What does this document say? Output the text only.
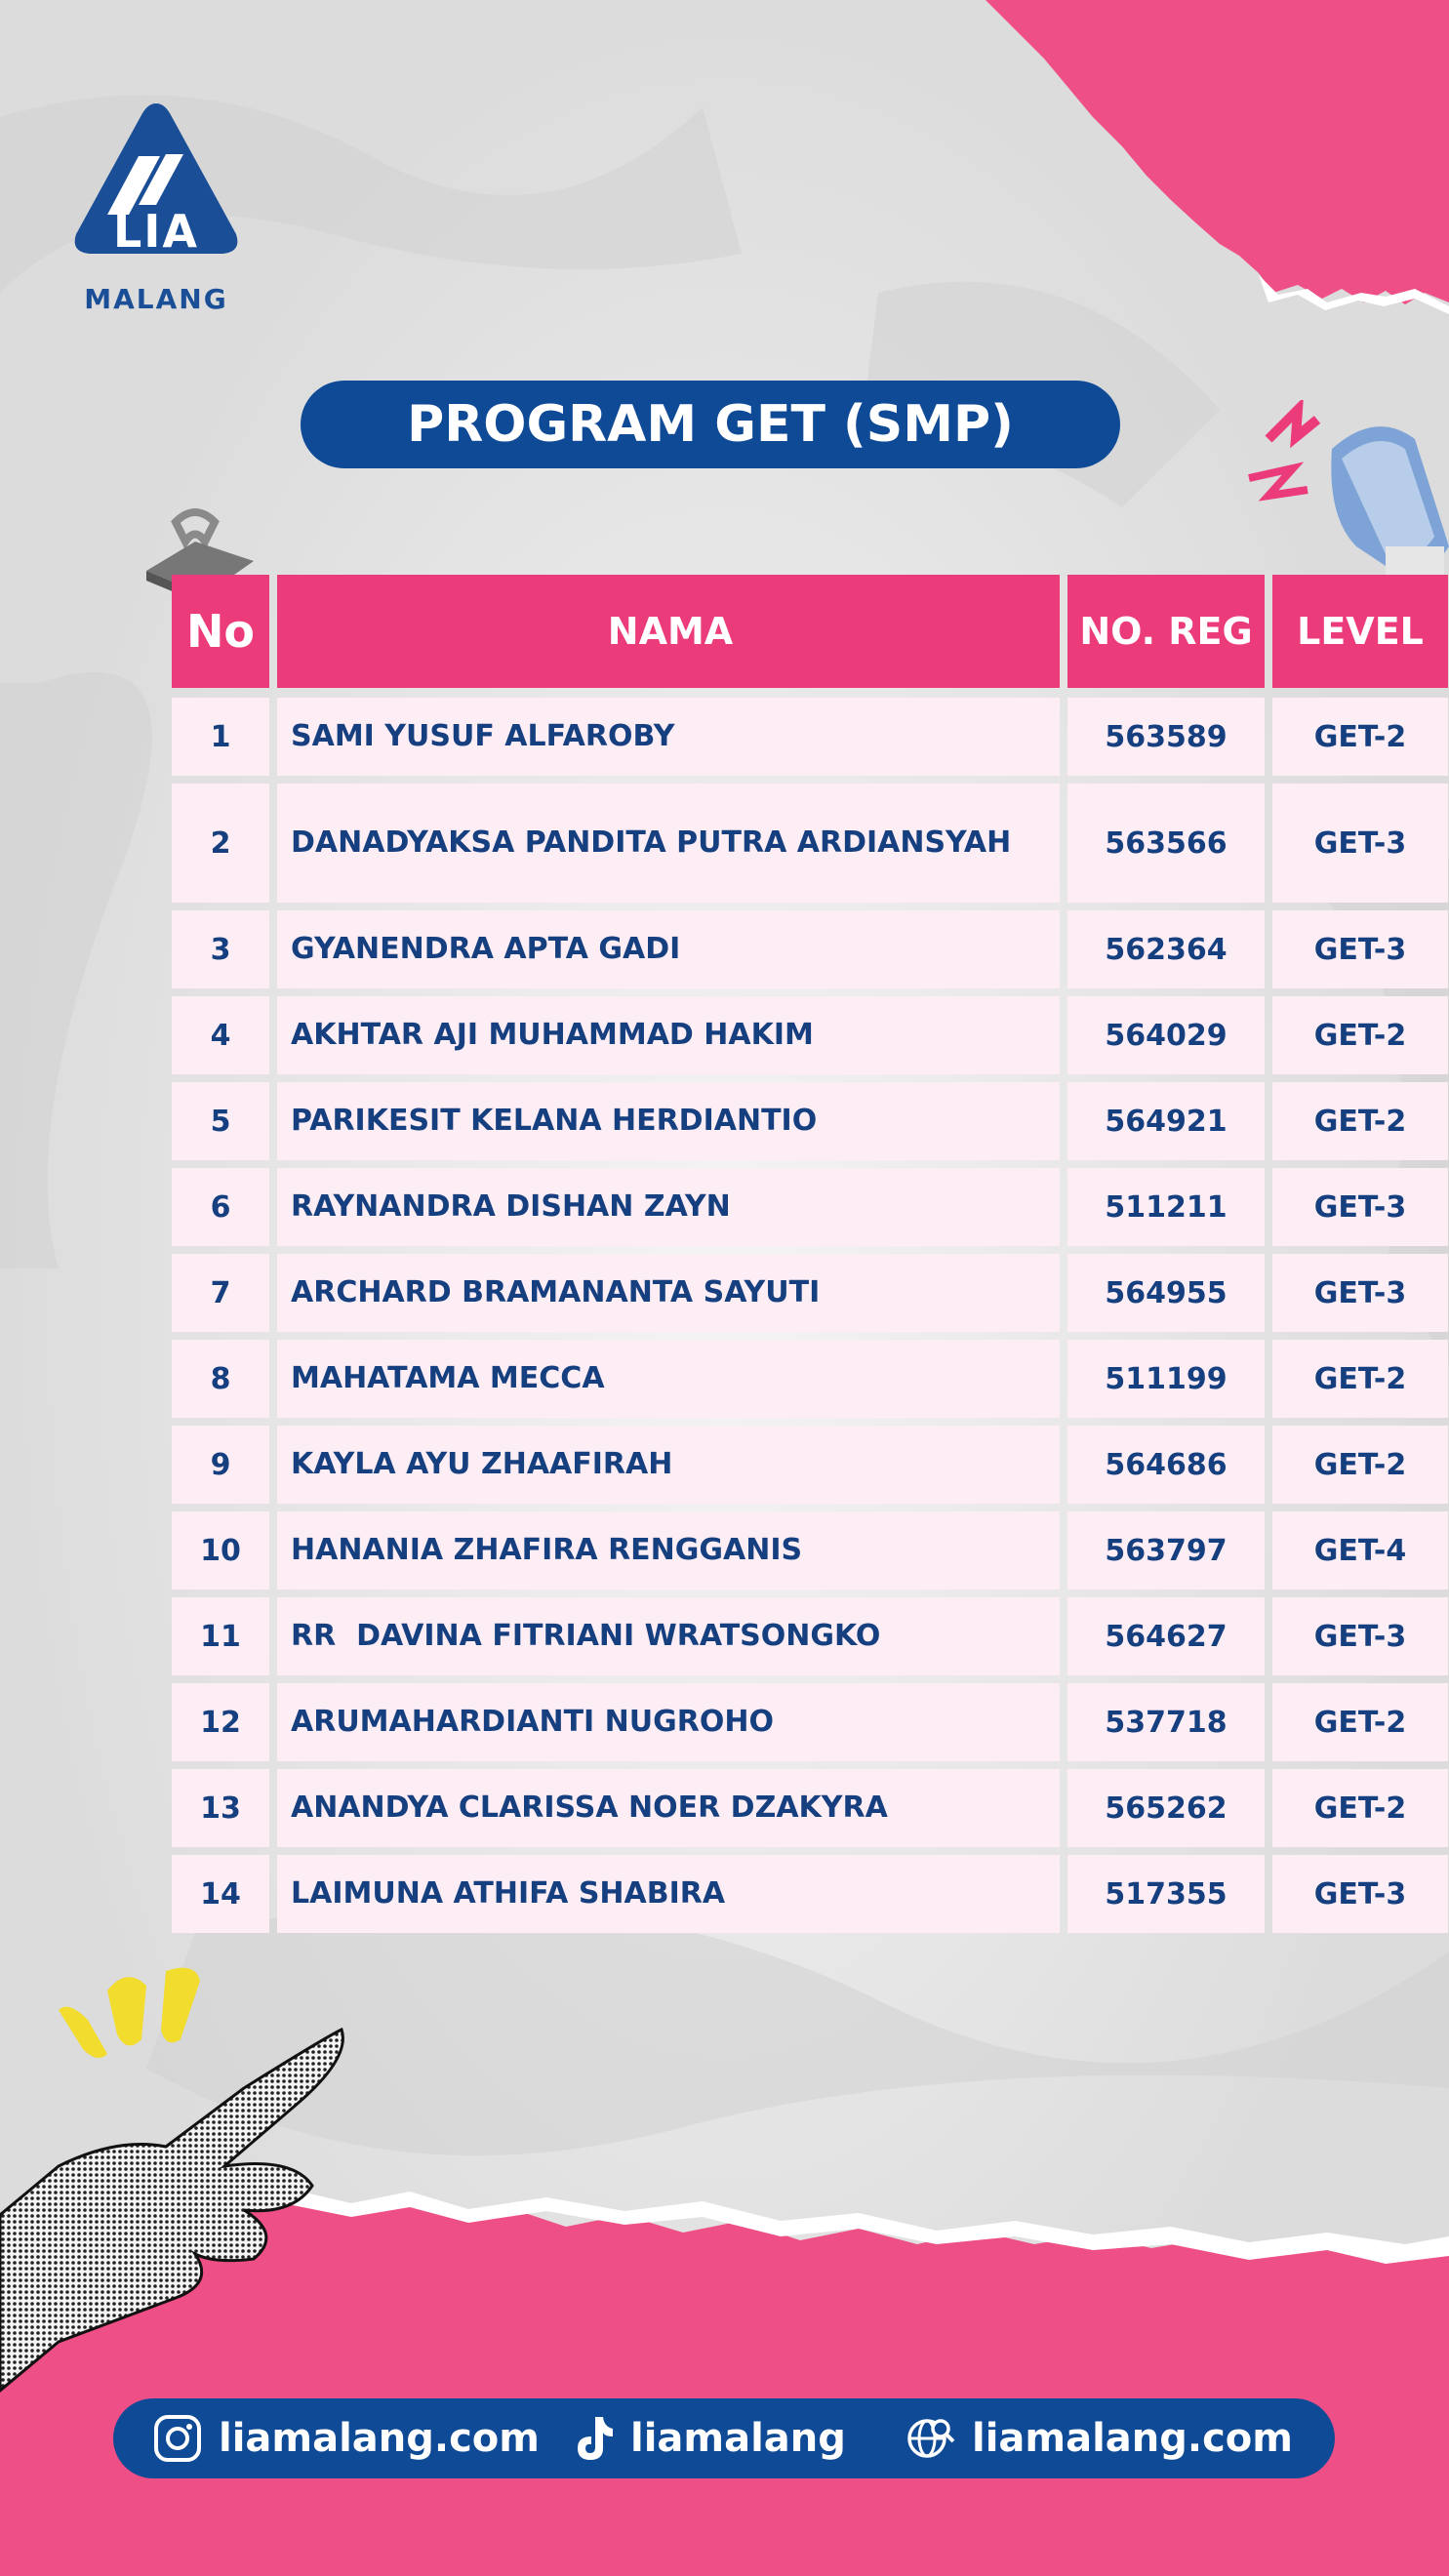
LIA
MALANG
PROGRAM GET (SMP)
No	NAMA	NO. REG	LEVEL
1	SAMI YUSUF ALFAROBY	563589	GET-2
2	DANADYAKSA PANDITA PUTRA ARDIANSYAH	563566	GET-3
3	GYANENDRA APTA GADI	562364	GET-3
4	AKHTAR AJI MUHAMMAD HAKIM	564029	GET-2
5	PARIKESIT KELANA HERDIANTIO	564921	GET-2
6	RAYNANDRA DISHAN ZAYN	511211	GET-3
7	ARCHARD BRAMANANTA SAYUTI	564955	GET-3
8	MAHATAMA MECCA	511199	GET-2
9	KAYLA AYU ZHAAFIRAH	564686	GET-2
10	HANANIA ZHAFIRA RENGGANIS	563797	GET-4
11	RR  DAVINA FITRIANI WRATSONGKO	564627	GET-3
12	ARUMAHARDIANTI NUGROHO	537718	GET-2
13	ANANDYA CLARISSA NOER DZAKYRA	565262	GET-2
14	LAIMUNA ATHIFA SHABIRA	517355	GET-3
liamalang.com liamalang	liamalang.com
